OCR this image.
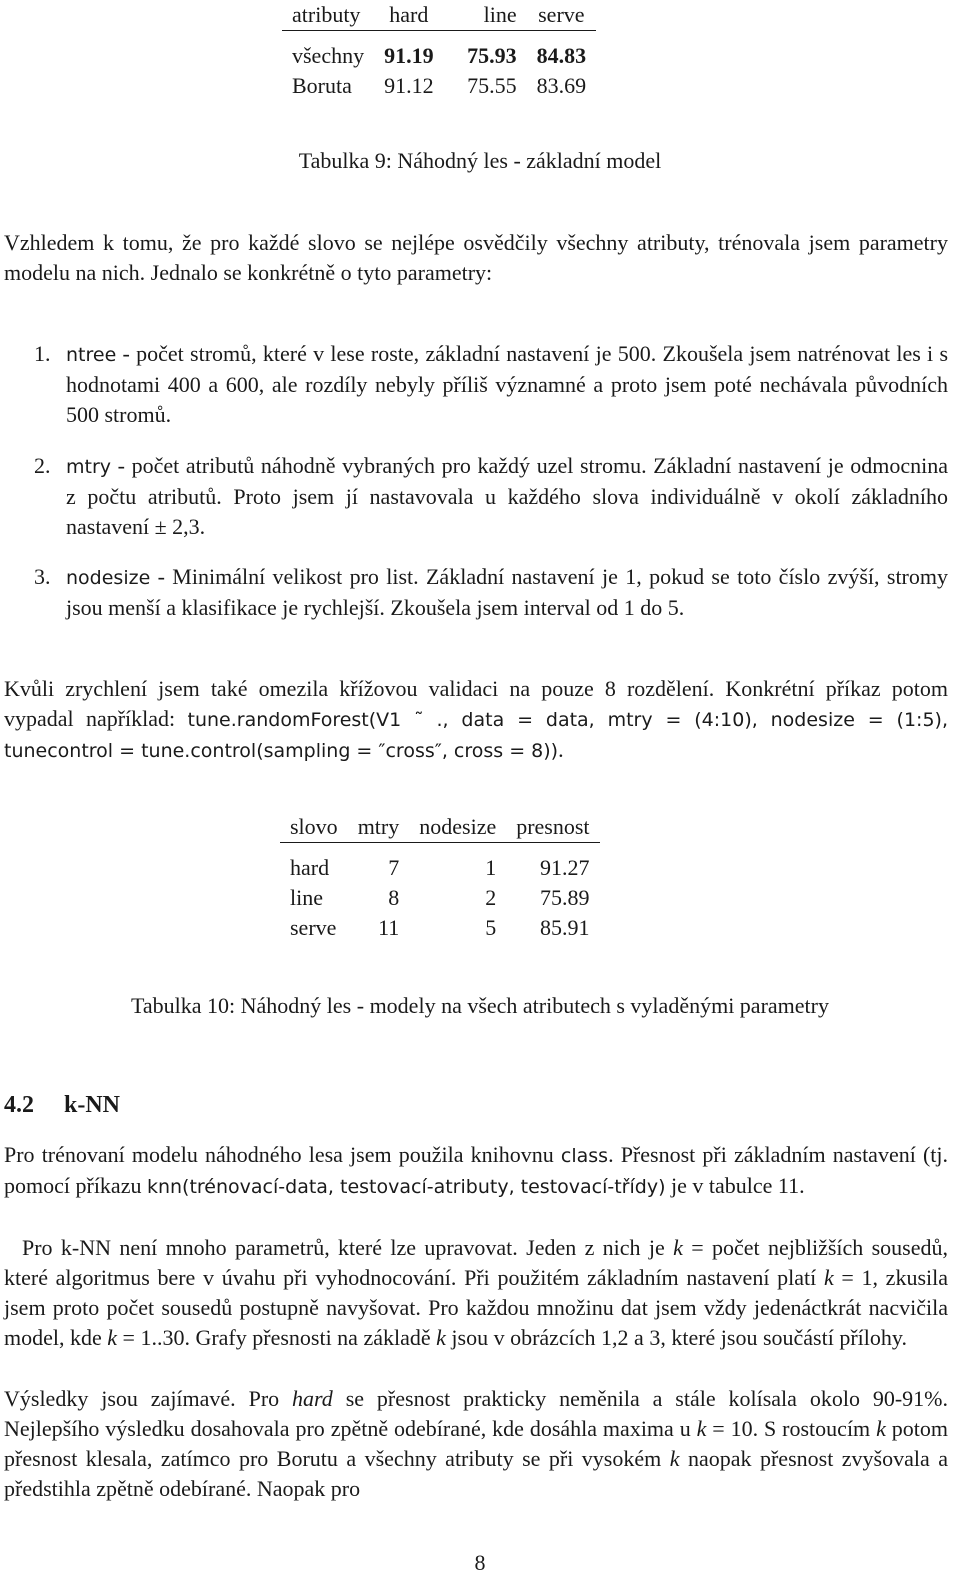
atributy	hard	line	serve
všechny	91.19	75.93	84.83
Boruta	91.12	75.55	83.69
Tabulka 9: Náhodný les - základní model
Vzhledem k tomu, že pro každé slovo se nejlépe osvědčily všechny atributy, trénovala jsem parametry modelu na nich. Jednalo se konkrétně o tyto parametry:
1. ntree - počet stromů, které v lese roste, základní nastavení je 500. Zkoušela jsem natrénovat les i s hodnotami 400 a 600, ale rozdíly nebyly příliš významné a proto jsem poté nechávala původních 500 stromů.
2. mtry - počet atributů náhodně vybraných pro každý uzel stromu. Základní nastavení je odmocnina z počtu atributů. Proto jsem jí nastavovala u každého slova individuálně v okolí základního nastavení ± 2,3.
3. nodesize - Minimální velikost pro list. Základní nastavení je 1, pokud se toto číslo zvýší, stromy jsou menší a klasifikace je rychlejší. Zkoušela jsem interval od 1 do 5.
Kvůli zrychlení jsem také omezila křížovou validaci na pouze 8 rozdělení. Konkrétní příkaz potom vypadal například: tune.randomForest(V1 ˜ ., data = data, mtry = (4:10), nodesize = (1:5), tunecontrol = tune.control(sampling = ″cross″, cross = 8)).
slovo	mtry	nodesize	presnost
hard	7	1	91.27
line	8	2	75.89
serve	11	5	85.91
Tabulka 10: Náhodný les - modely na všech atributech s vyladěnými parametry
4.2 k-NN
Pro trénovaní modelu náhodného lesa jsem použila knihovnu class. Přesnost při základním nastavení (tj. pomocí příkazu knn(trénovací-data, testovací-atributy, testovací-třídy) je v tabulce 11.
Pro k-NN není mnoho parametrů, které lze upravovat. Jeden z nich je k = počet nejbližších sousedů, které algoritmus bere v úvahu při vyhodnocování. Při použitém základním nastavení platí k = 1, zkusila jsem proto počet sousedů postupně navyšovat. Pro každou množinu dat jsem vždy jedenáctkrát nacvičila model, kde k = 1..30. Grafy přesnosti na základě k jsou v obrázcích 1,2 a 3, které jsou součástí přílohy.
Výsledky jsou zajímavé. Pro hard se přesnost prakticky neměnila a stále kolísala okolo 90-91%. Nejlepšího výsledku dosahovala pro zpětně odebírané, kde dosáhla maxima u k = 10. S rostoucím k potom přesnost klesala, zatímco pro Borutu a všechny atributy se při vysokém k naopak přesnost zvyšovala a předstihla zpětně odebírané. Naopak pro
8
